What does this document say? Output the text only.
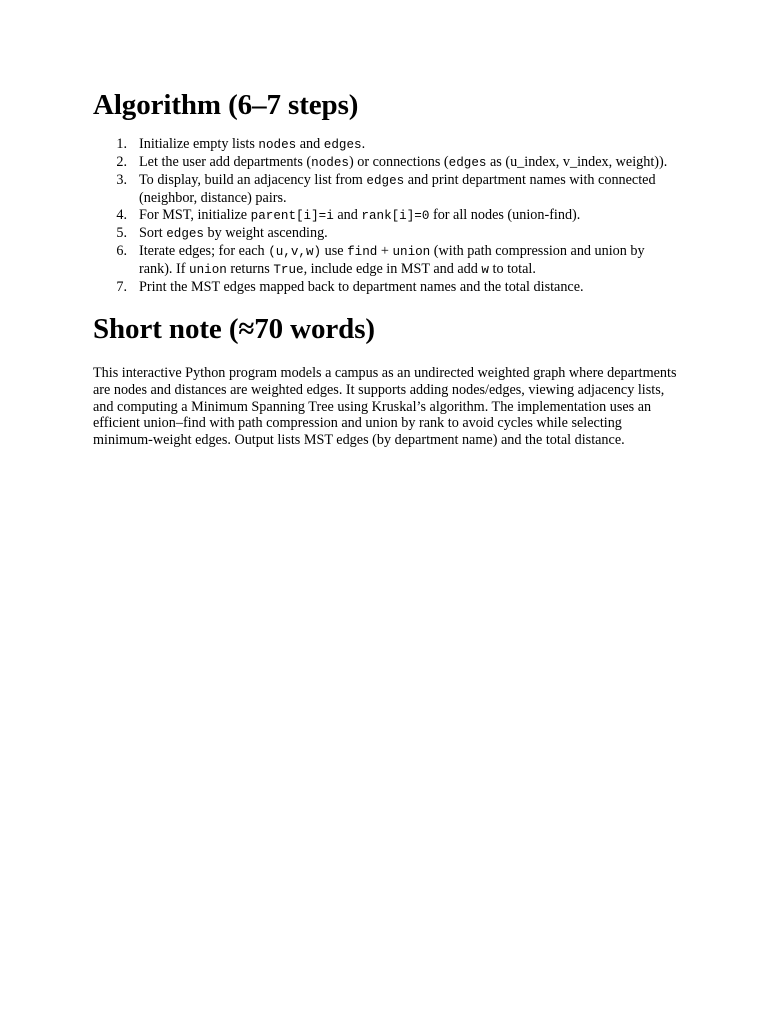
Algorithm (6–7 steps)
1. Initialize empty lists nodes and edges.
2. Let the user add departments (nodes) or connections (edges as (u_index, v_index, weight)).
3. To display, build an adjacency list from edges and print department names with connected (neighbor, distance) pairs.
4. For MST, initialize parent[i]=i and rank[i]=0 for all nodes (union-find).
5. Sort edges by weight ascending.
6. Iterate edges; for each (u,v,w) use find + union (with path compression and union by rank). If union returns True, include edge in MST and add w to total.
7. Print the MST edges mapped back to department names and the total distance.
Short note (≈70 words)

This interactive Python program models a campus as an undirected weighted graph where departments are nodes and distances are weighted edges. It supports adding nodes/edges, viewing adjacency lists, and computing a Minimum Spanning Tree using Kruskal’s algorithm. The implementation uses an efficient union–find with path compression and union by rank to avoid cycles while selecting minimum-weight edges. Output lists MST edges (by department name) and the total distance.
